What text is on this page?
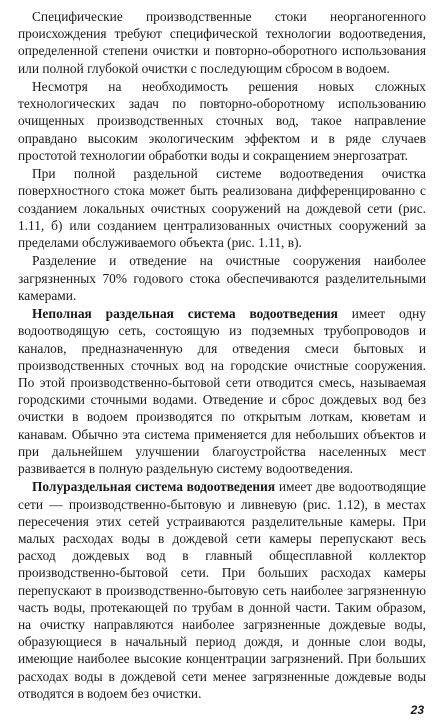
Специфические производственные стоки неорганогенного происхождения требуют специфической технологии водоотведения, определенной степени очистки и повторно-оборотного использования или полной глубокой очистки с последующим сбросом в водоем.

Несмотря на необходимость решения новых сложных технологических задач по повторно-оборотному использованию очищенных производственных сточных вод, такое направление оправдано высоким экологическим эффектом и в ряде случаев простотой технологии обработки воды и сокращением энергозатрат.

При полной раздельной системе водоотведения очистка поверхностного стока может быть реализована дифференцированно с созданием локальных очистных сооружений на дождевой сети (рис. 1.11, б) или созданием централизованных очистных сооружений за пределами обслуживаемого объекта (рис. 1.11, в).

Разделение и отведение на очистные сооружения наиболее загрязненных 70% годового стока обеспечиваются разделительными камерами.

Неполная раздельная система водоотведения имеет одну водоотводящую сеть, состоящую из подземных трубопроводов и каналов, предназначенную для отведения смеси бытовых и производственных сточных вод на городские очистные сооружения. По этой производственно-бытовой сети отводится смесь, называемая городскими сточными водами. Отведение и сброс дождевых вод без очистки в водоем производятся по открытым лоткам, кюветам и канавам. Обычно эта система применяется для небольших объектов и при дальнейшем улучшении благоустройства населенных мест развивается в полную раздельную систему водоотведения.

Полураздельная система водоотведения имеет две водоотводящие сети — производственно-бытовую и ливневую (рис. 1.12), в местах пересечения этих сетей устраиваются разделительные камеры. При малых расходах воды в дождевой сети камеры перепускают весь расход дождевых вод в главный общесплавной коллектор производственно-бытовой сети. При больших расходах камеры перепускают в производственно-бытовую сеть наиболее загрязненную часть воды, протекающей по трубам в донной части. Таким образом, на очистку направляются наиболее загрязненные дождевые воды, образующиеся в начальный период дождя, и донные слои воды, имеющие наиболее высокие концентрации загрязнений. При больших расходах воды в дождевой сети менее загрязненные дождевые воды отводятся в водоем без очистки.

23
